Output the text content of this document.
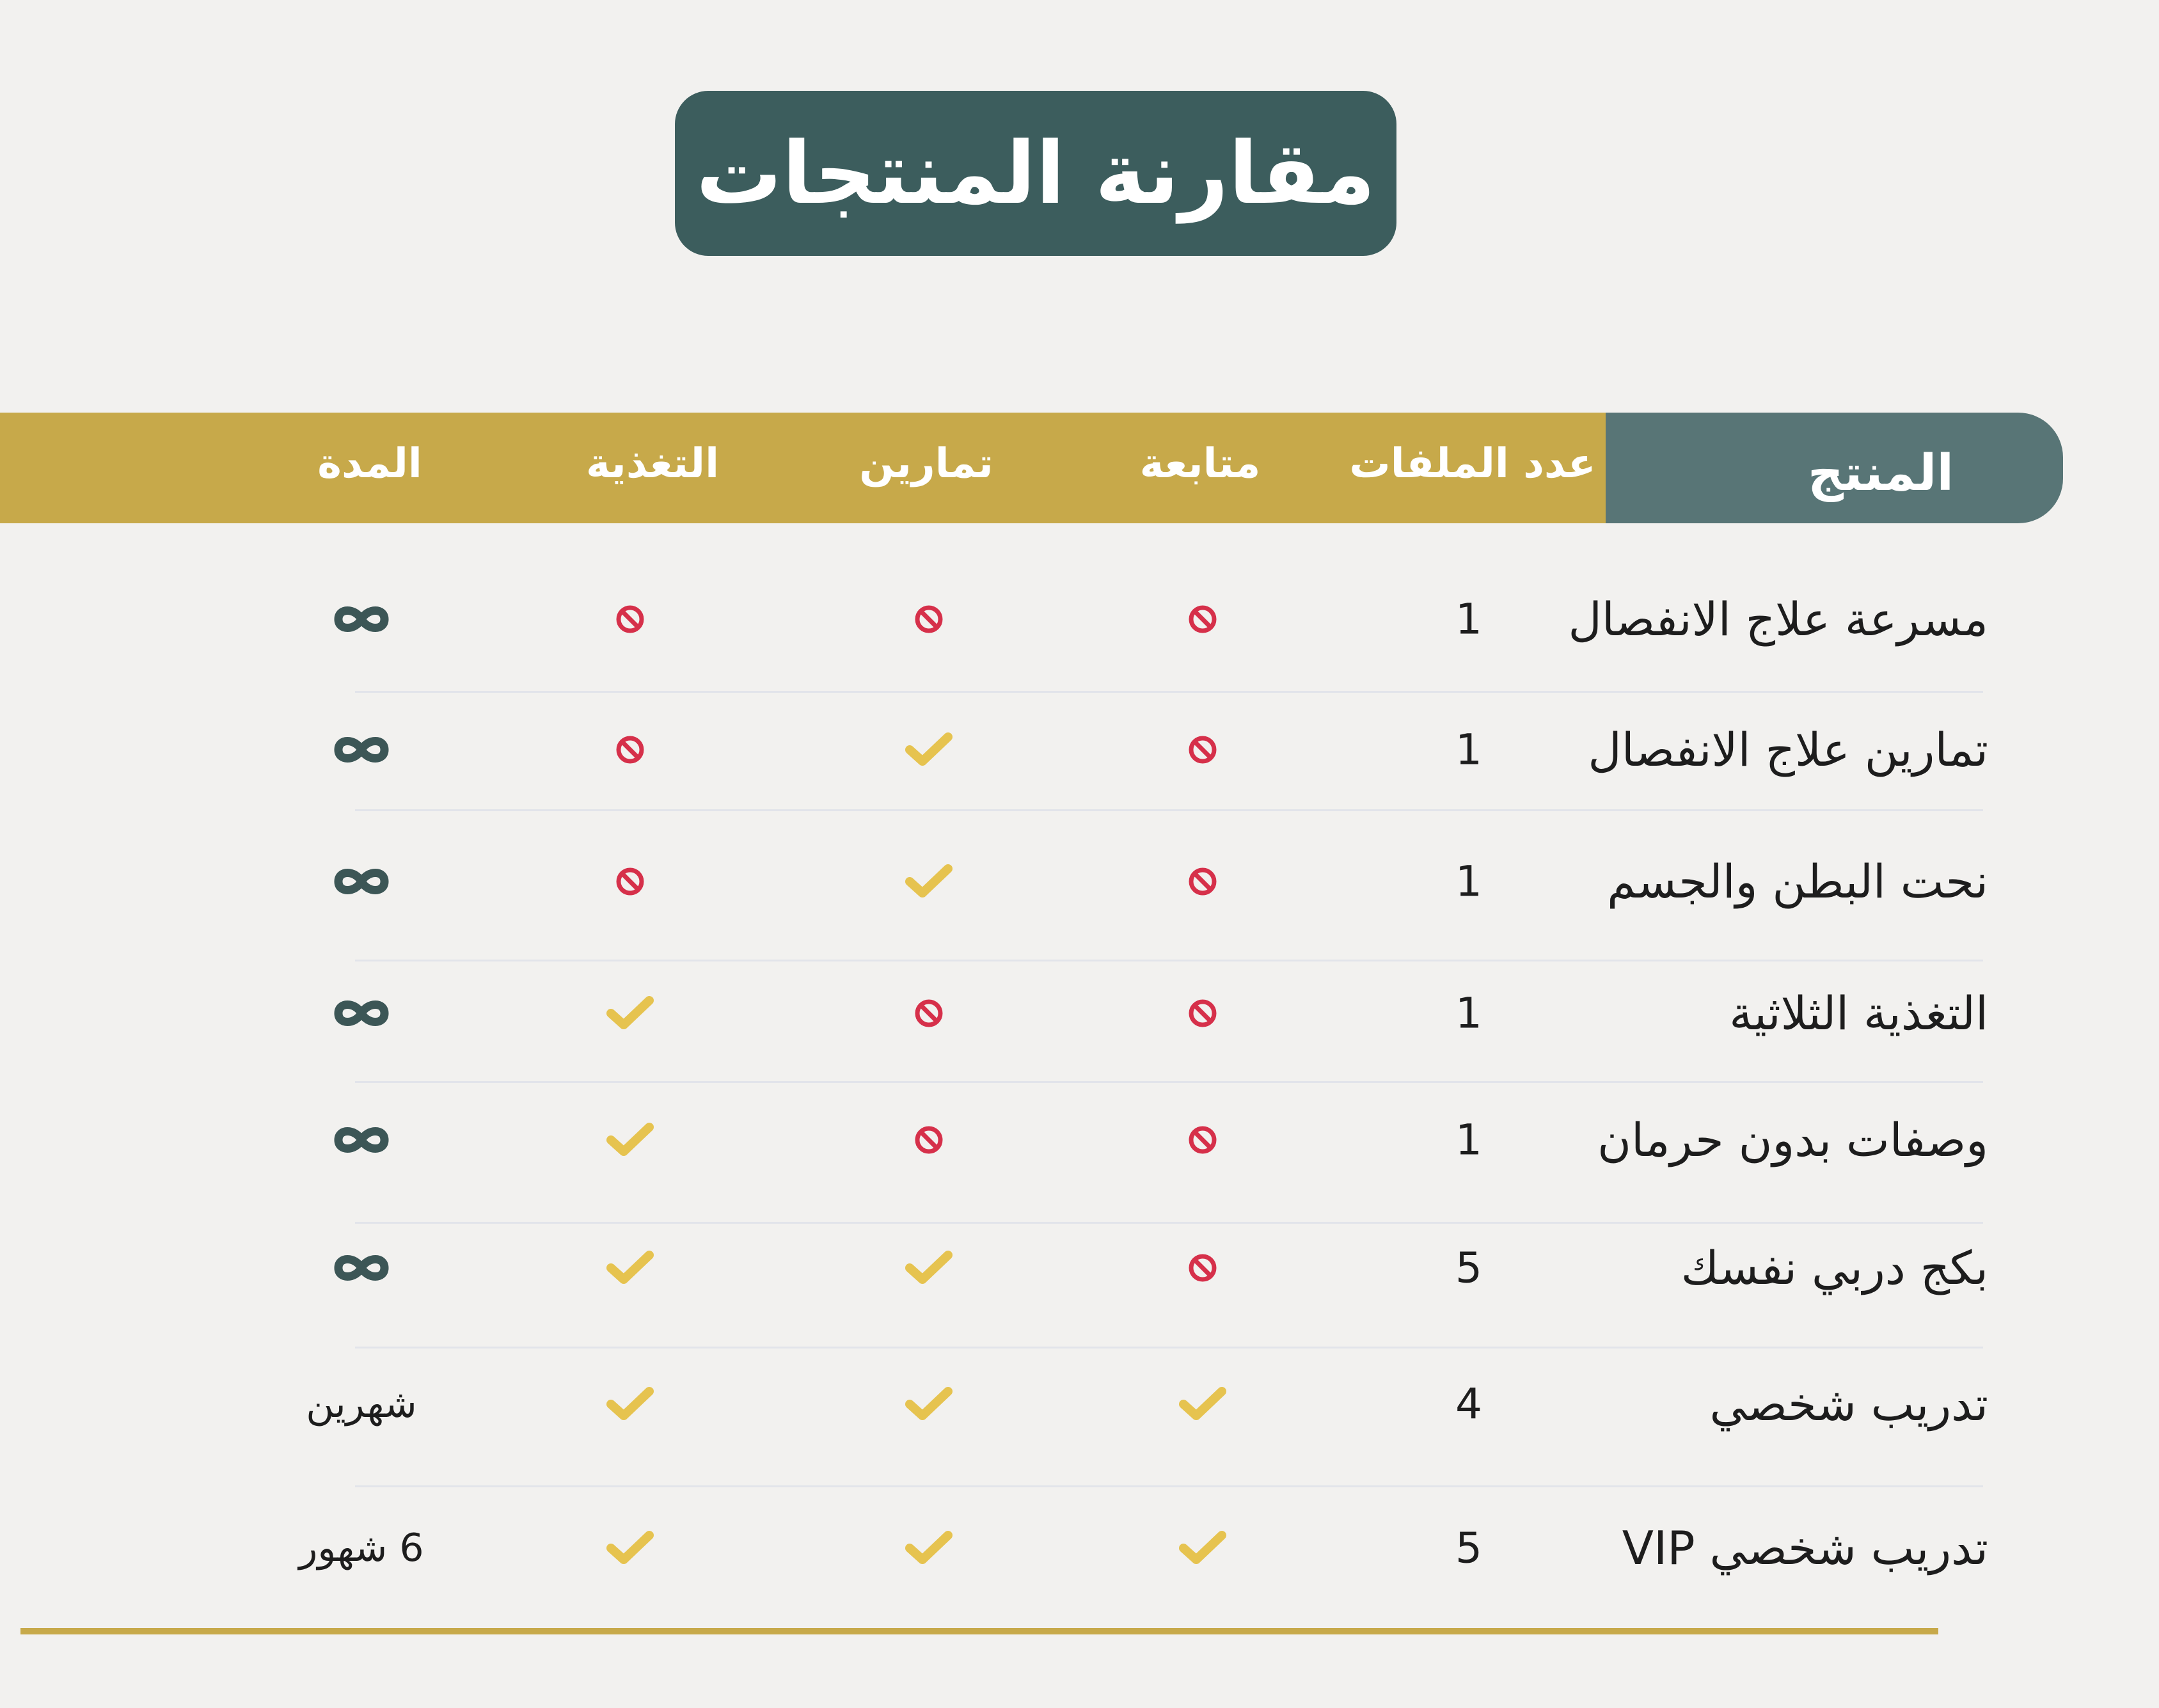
مقارنة المنتجات
المنتج
عدد الملفات
متابعة
تمارين
التغذية
المدة
مسرعة علاج الانفصال
1
تمارين علاج الانفصال
1
نحت البطن والجسم
1
التغذية الثلاثية
1
وصفات بدون حرمان
1
بكج دربي نفسك
5
تدريب شخصي
4
شهرين
تدريب شخصي VIP
5
6 شهور
